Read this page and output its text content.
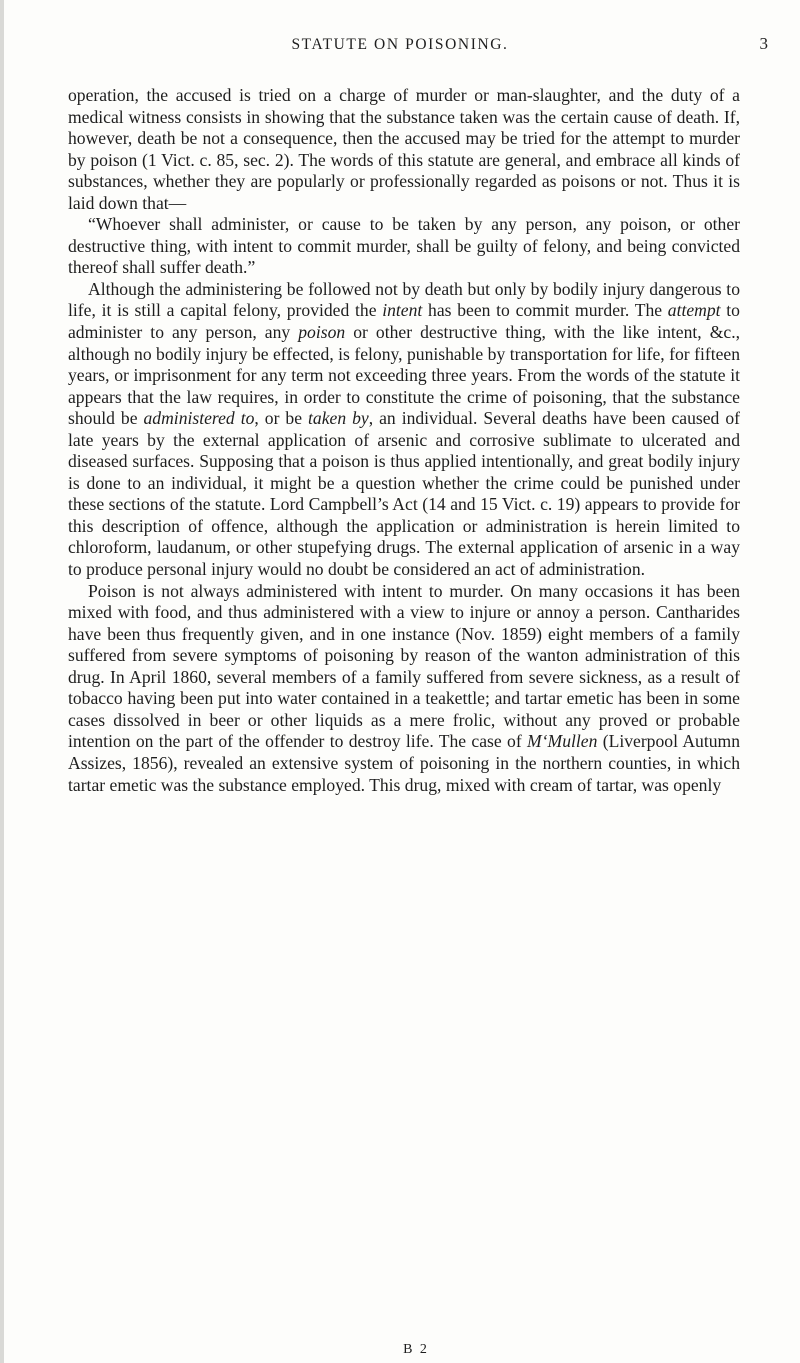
STATUTE ON POISONING.	3

operation, the accused is tried on a charge of murder or man-slaughter, and the duty of a medical witness consists in showing that the substance taken was the certain cause of death. If, however, death be not a consequence, then the accused may be tried for the attempt to murder by poison (1 Vict. c. 85, sec. 2). The words of this statute are general, and embrace all kinds of substances, whether they are popularly or professionally regarded as poisons or not. Thus it is laid down that—

“Whoever shall administer, or cause to be taken by any person, any poison, or other destructive thing, with intent to commit murder, shall be guilty of felony, and being convicted thereof shall suffer death.”

Although the administering be followed not by death but only by bodily injury dangerous to life, it is still a capital felony, provided the intent has been to commit murder. The attempt to administer to any person, any poison or other destructive thing, with the like intent, &c., although no bodily injury be effected, is felony, punishable by transportation for life, for fifteen years, or imprisonment for any term not exceeding three years. From the words of the statute it appears that the law requires, in order to constitute the crime of poisoning, that the substance should be administered to, or be taken by, an individual. Several deaths have been caused of late years by the external application of arsenic and corrosive sublimate to ulcerated and diseased surfaces. Supposing that a poison is thus applied intentionally, and great bodily injury is done to an individual, it might be a question whether the crime could be punished under these sections of the statute. Lord Campbell’s Act (14 and 15 Vict. c. 19) appears to provide for this description of offence, although the application or administration is herein limited to chloroform, laudanum, or other stupefying drugs. The external application of arsenic in a way to produce personal injury would no doubt be considered an act of administration.

Poison is not always administered with intent to murder. On many occasions it has been mixed with food, and thus administered with a view to injure or annoy a person. Cantharides have been thus frequently given, and in one instance (Nov. 1859) eight members of a family suffered from severe symptoms of poisoning by reason of the wanton administration of this drug. In April 1860, several members of a family suffered from severe sickness, as a result of tobacco having been put into water contained in a teakettle; and tartar emetic has been in some cases dissolved in beer or other liquids as a mere frolic, without any proved or probable intention on the part of the offender to destroy life. The case of M‘Mullen (Liverpool Autumn Assizes, 1856), revealed an extensive system of poisoning in the northern counties, in which tartar emetic was the substance employed. This drug, mixed with cream of tartar, was openly

B 2
